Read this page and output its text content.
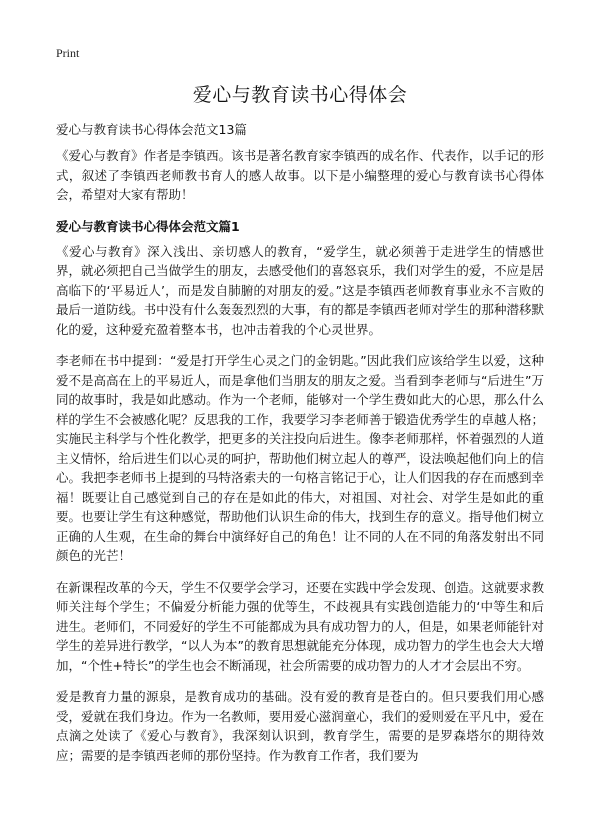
Print
爱心与教育读书心得体会

爱心与教育读书心得体会范文13篇

《爱心与教育》作者是李镇西。该书是著名教育家李镇西的成名作、代表作，以手记的形式，叙述了李镇西老师教书育人的感人故事。以下是小编整理的爱心与教育读书心得体会，希望对大家有帮助！

爱心与教育读书心得体会范文篇1

《爱心与教育》深入浅出、亲切感人的教育，“爱学生，就必须善于走进学生的情感世界，就必须把自己当做学生的朋友，去感受他们的喜怒哀乐，我们对学生的爱，不应是居高临下的‘平易近人’，而是发自肺腑的对朋友的爱。”这是李镇西老师教育事业永不言败的最后一道防线。书中没有什么轰轰烈烈的大事，有的都是李镇西老师对学生的那种潜移默化的爱，这种爱充盈着整本书，也冲击着我的个心灵世界。

李老师在书中提到：“爱是打开学生心灵之门的金钥匙。”因此我们应该给学生以爱，这种爱不是高高在上的平易近人，而是拿他们当朋友的朋友之爱。当看到李老师与“后进生”万同的故事时，我是如此感动。作为一个老师，能够对一个学生费如此大的心思，那么什么样的学生不会被感化呢？反思我的工作，我要学习李老师善于锻造优秀学生的卓越人格；实施民主科学与个性化教学，把更多的关注投向后进生。像李老师那样，怀着强烈的人道主义情怀，给后进生们以心灵的呵护，帮助他们树立起人的尊严，设法唤起他们向上的信心。我把李老师书上提到的马特洛索夫的一句格言铭记于心，让人们因我的存在而感到幸福！既要让自己感觉到自己的存在是如此的伟大，对祖国、对社会、对学生是如此的重要。也要让学生有这种感觉，帮助他们认识生命的伟大，找到生存的意义。指导他们树立正确的人生观，在生命的舞台中演绎好自己的角色！让不同的人在不同的角落发射出不同颜色的光芒！

在新课程改革的今天，学生不仅要学会学习，还要在实践中学会发现、创造。这就要求教师关注每个学生；不偏爱分析能力强的优等生，不歧视具有实践创造能力的‘中等生和后进生。老师们，不同爱好的学生不可能都成为具有成功智力的人，但是，如果老师能针对学生的差异进行教学，“以人为本”的教育思想就能充分体现，成功智力的学生也会大大增加，“个性+特长”的学生也会不断涌现，社会所需要的成功智力的人才才会层出不穷。

爱是教育力量的源泉，是教育成功的基础。没有爱的教育是苍白的。但只要我们用心感受，爱就在我们身边。作为一名教师，要用爱心滋润童心，我们的爱则爱在平凡中，爱在点滴之处读了《爱心与教育》，我深刻认识到，教育学生，需要的是罗森塔尔的期待效应；需要的是李镇西老师的那份坚持。作为教育工作者，我们要为
